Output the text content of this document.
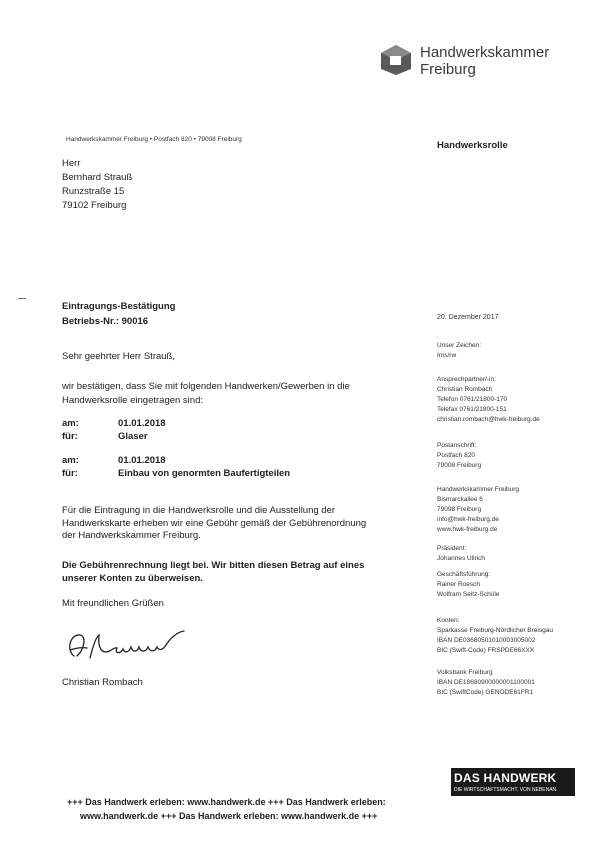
Handwerkskammer
Freiburg
Handwerkskammer Freiburg • Postfach 820 • 79008 Freiburg
Handwerksrolle
Herr
Bernhard Strauß
Runzstraße 15
79102 Freiburg
Eintragungs-Bestätigung
Betriebs-Nr.: 90016	20. Dezember 2017
Unser Zeichen:
Ims/rw
Ansprechpartner/-in:
Christian Rombach
Telefon 0761/21800-170
Telefax 0761/21800-151
christian.rombach@hwk-freiburg.de
Postanschrift:
Postfach 820
79008 Freiburg
Handwerkskammer Freiburg
Bismarckallee 6
79098 Freiburg
info@hwk-freiburg.de
www.hwk-freiburg.de
Präsident:
Johannes Ullrich
Geschäftsführung:
Rainer Roesch
Wolfram Seitz-Schüle
Konten:
Sparkasse Freiburg-Nördlicher Breisgau
IBAN DE03680501010003005002
BIC (Swift-Code) FRSPDE66XXX
Volksbank Freiburg
IBAN DE18680900000001100001
BIC (SwiftCode) GENODE61FR1
Sehr geehrter Herr Strauß,
wir bestätigen, dass Sie mit folgenden Handwerken/Gewerben in die
Handwerksrolle eingetragen sind:
am:	01.01.2018
für:	Glaser
am:	01.01.2018
für:	Einbau von genormten Baufertigteilen
Für die Eintragung in die Handwerksrolle und die Ausstellung der
Handwerkskarte erheben wir eine Gebühr gemäß der Gebührenordnung
der Handwerkskammer Freiburg.
Die Gebührenrechnung liegt bei. Wir bitten diesen Betrag auf eines
unserer Konten zu überweisen.
Mit freundlichen Grüßen
Christian Rombach
DAS HANDWERK
DIE WIRTSCHAFTSMACHT. VON NEBENAN.
+++ Das Handwerk erleben: www.handwerk.de +++ Das Handwerk erleben:
www.handwerk.de +++ Das Handwerk erleben: www.handwerk.de +++
